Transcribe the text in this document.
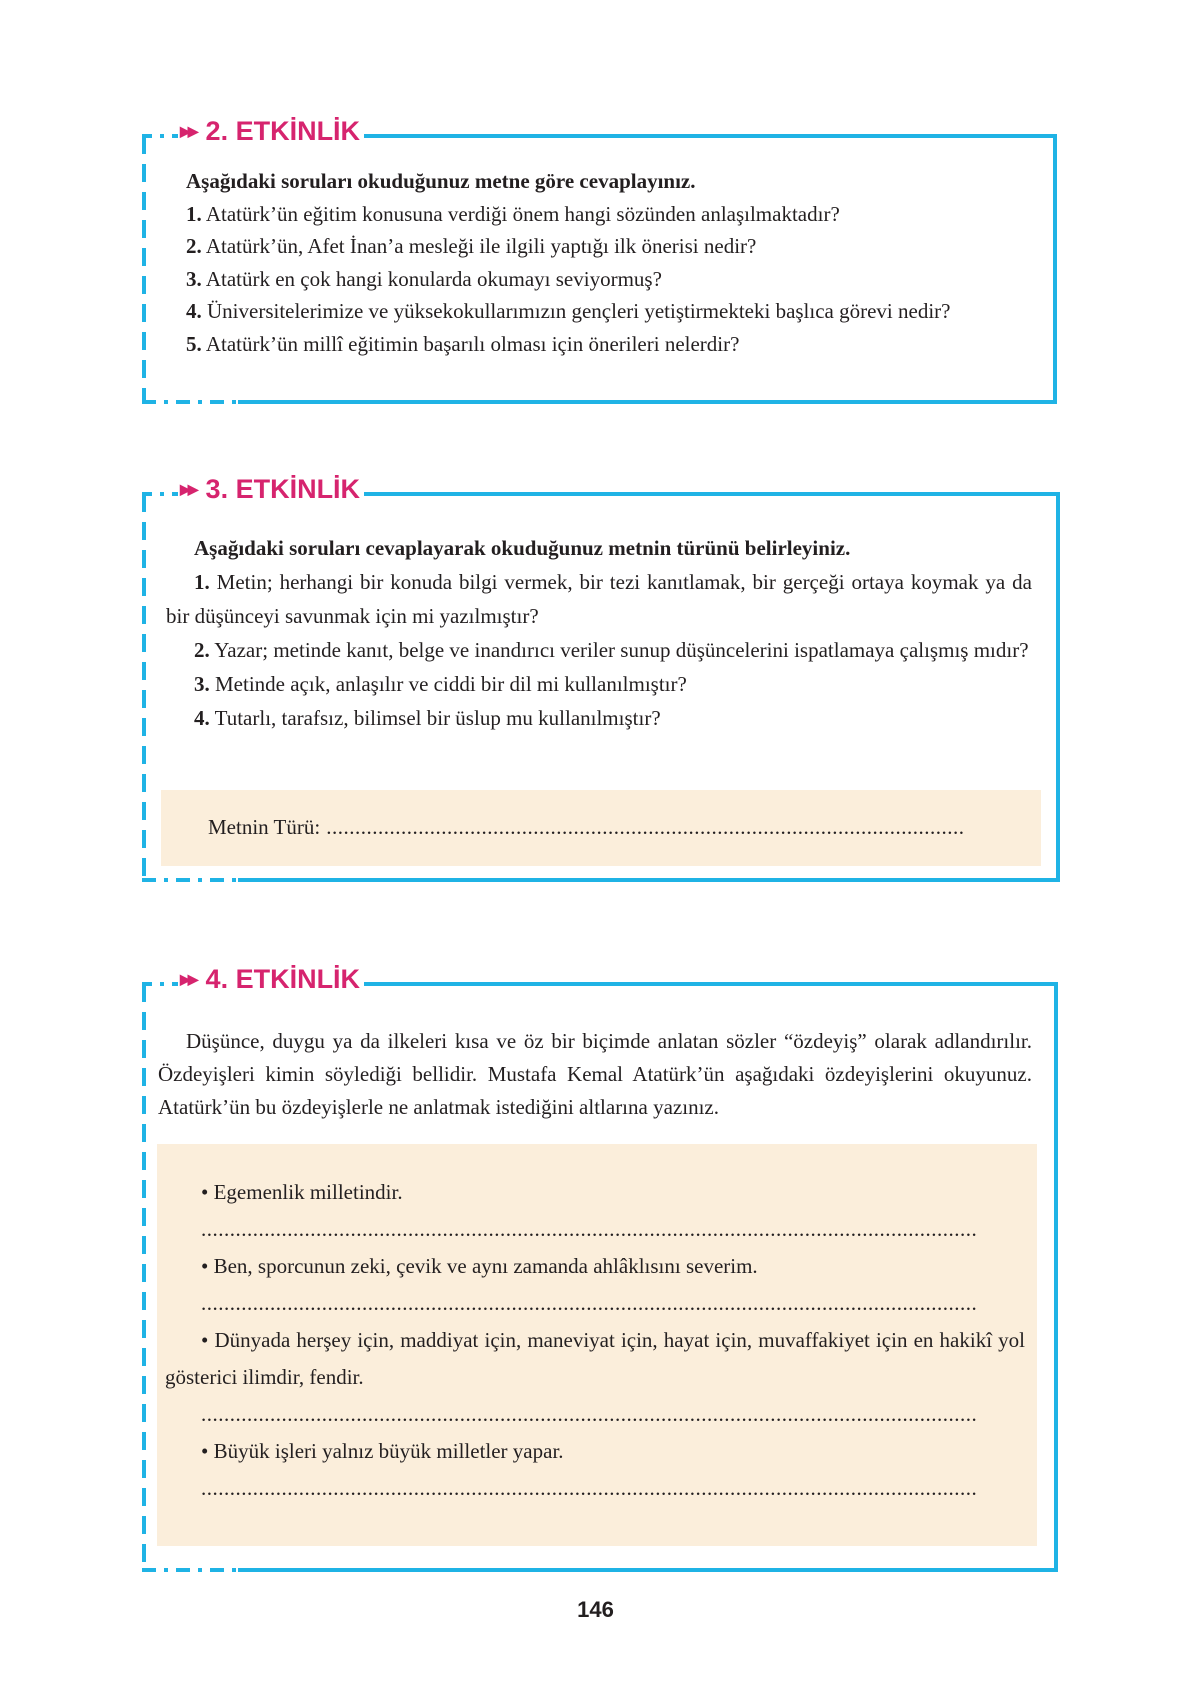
▶▶ 2. ETKİNLİK

Aşağıdaki soruları okuduğunuz metne göre cevaplayınız.

1. Atatürk’ün eğitim konusuna verdiği önem hangi sözünden anlaşılmaktadır?

2. Atatürk’ün, Afet İnan’a mesleği ile ilgili yaptığı ilk önerisi nedir?

3. Atatürk en çok hangi konularda okumayı seviyormuş?

4. Üniversitelerimize ve yüksekokullarımızın gençleri yetiştirmekteki başlıca görevi nedir?

5. Atatürk’ün millî eğitimin başarılı olması için önerileri nelerdir?

▶▶ 3. ETKİNLİK

Aşağıdaki soruları cevaplayarak okuduğunuz metnin türünü belirleyiniz.

1. Metin; herhangi bir konuda bilgi vermek, bir tezi kanıtlamak, bir gerçeği ortaya koymak ya da bir düşünceyi savunmak için mi yazılmıştır?

2. Yazar; metinde kanıt, belge ve inandırıcı veriler sunup düşüncelerini ispatlamaya çalışmış mıdır?

3. Metinde açık, anlaşılır ve ciddi bir dil mi kullanılmıştır?

4. Tutarlı, tarafsız, bilimsel bir üslup mu kullanılmıştır?

Metnin Türü: ...............................................................................................................
▶▶ 4. ETKİNLİK

Düşünce, duygu ya da ilkeleri kısa ve öz bir biçimde anlatan sözler “özdeyiş” olarak adlandırılır. Özdeyişleri kimin söylediği bellidir. Mustafa Kemal Atatürk’ün aşağıdaki özdeyişlerini okuyunuz. Atatürk’ün bu özdeyişlerle ne anlatmak istediğini altlarına yazınız.

• Egemenlik milletindir.

.......................................................................................................................................

• Ben, sporcunun zeki, çevik ve aynı zamanda ahlâklısını severim.

.......................................................................................................................................

• Dünyada herşey için, maddiyat için, maneviyat için, hayat için, muvaffakiyet için en hakikî yol gösterici ilimdir, fendir.

.......................................................................................................................................

• Büyük işleri yalnız büyük milletler yapar.

.......................................................................................................................................

146
